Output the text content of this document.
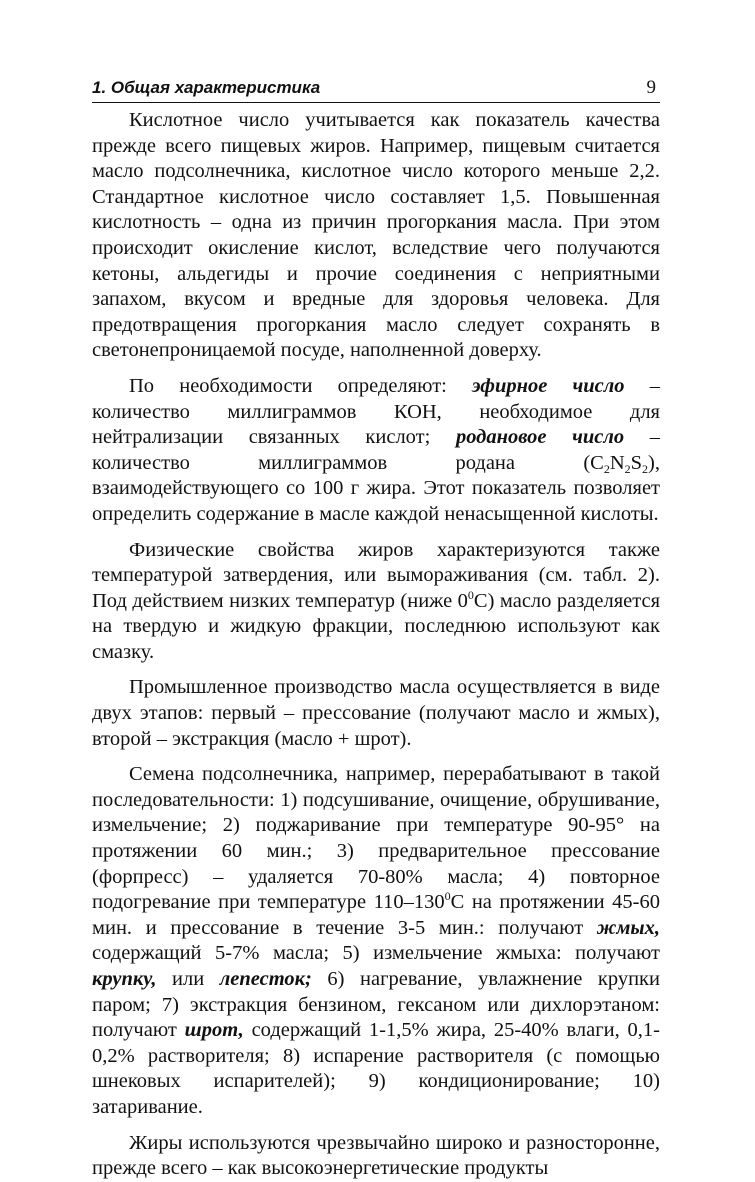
1. Общая характеристика	9

Кислотное число учитывается как показатель качества прежде всего пищевых жиров. Например, пищевым считается масло подсолнечника, кислотное число которого меньше 2,2. Стандартное кислотное число составляет 1,5. Повышенная кислотность – одна из причин прогоркания масла. При этом происходит окисление кислот, вследствие чего получаются кетоны, альдегиды и прочие соединения с неприятными запахом, вкусом и вредные для здоровья человека. Для предотвращения прогоркания масло следует сохранять в светонепроницаемой посуде, наполненной доверху.

По необходимости определяют: эфирное число – количество миллиграммов КОН, необходимое для нейтрализации связанных кислот; родановое число – количество миллиграммов родана $(C_2N_2S_2)$, взаимодействующего со 100 г жира. Этот показатель позволяет определить содержание в масле каждой ненасыщенной кислоты.

Физические свойства жиров характеризуются также температурой затвердения, или вымораживания (см. табл. 2). Под действием низких температур (ниже $0^0C$) масло разделяется на твердую и жидкую фракции, последнюю используют как смазку.

Промышленное производство масла осуществляется в виде двух этапов: первый – прессование (получают масло и жмых), второй – экстракция (масло + шрот).

Семена подсолнечника, например, перерабатывают в такой последовательности: 1) подсушивание, очищение, обрушивание, измельчение; 2) поджаривание при температуре 90-95° на протяжении 60 мин.; 3) предварительное прессование (форпресс) – удаляется 70-80% масла; 4) повторное подогревание при температуре $110-130^0C$ на протяжении 45-60 мин. и прессование в течение 3-5 мин.: получают жмых, содержащий 5-7% масла; 5) измельчение жмыха: получают крупку, или лепесток; 6) нагревание, увлажнение крупки паром; 7) экстракция бензином, гексаном или дихлорэтаном: получают шрот, содержащий 1-1,5% жира, 25-40% влаги, 0,1-0,2% растворителя; 8) испарение растворителя (с помощью шнековых испарителей); 9) кондиционирование; 10) затаривание.

Жиры используются чрезвычайно широко и разносторонне, прежде всего – как высокоэнергетические продукты
